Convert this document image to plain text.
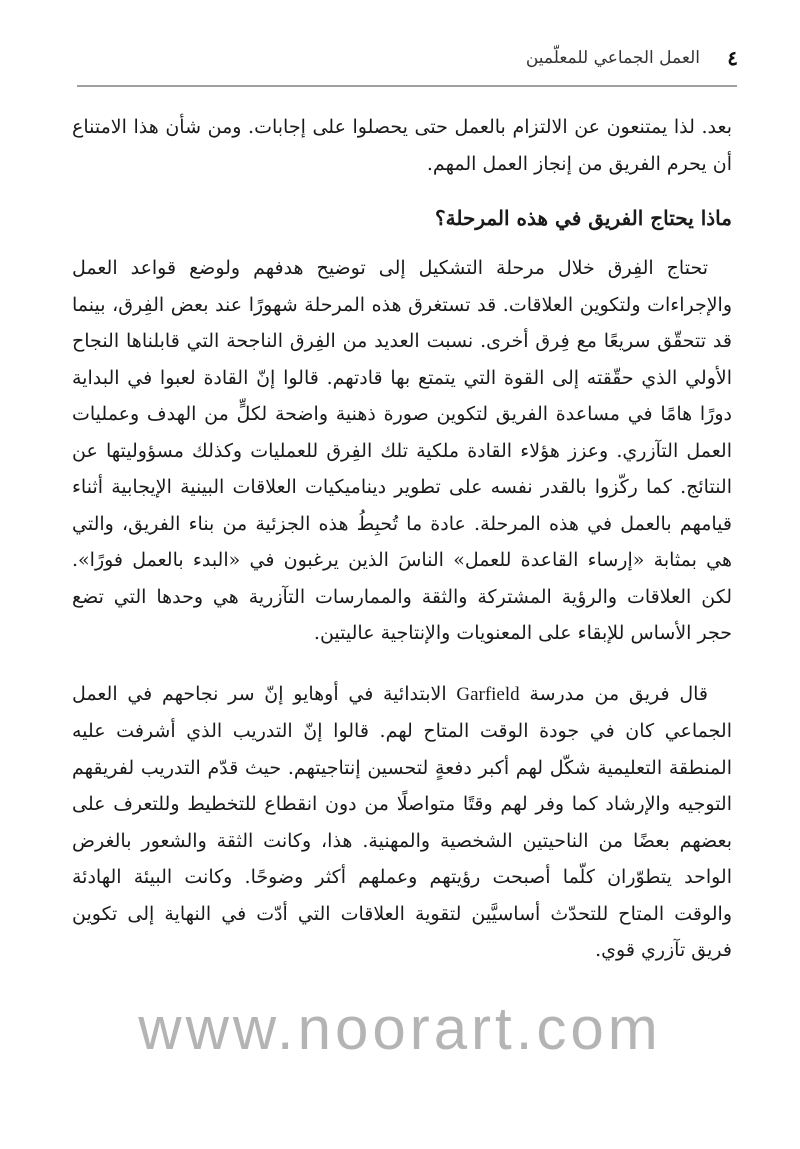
٤
العمل الجماعي للمعلّمين

بعد. لذا يمتنعون عن الالتزام بالعمل حتى يحصلوا على إجابات. ومن شأن هذا الامتناع أن يحرم الفريق من إنجاز العمل المهم.

ماذا يحتاج الفريق في هذه المرحلة؟

تحتاج الفِرق خلال مرحلة التشكيل إلى توضيح هدفهم ولوضع قواعد العمل والإجراءات ولتكوين العلاقات. قد تستغرق هذه المرحلة شهورًا عند بعض الفِرق، بينما قد تتحقّق سريعًا مع فِرق أخرى. نسبت العديد من الفِرق الناجحة التي قابلناها النجاح الأولي الذي حقّقته إلى القوة التي يتمتع بها قادتهم. قالوا إنّ القادة لعبوا في البداية دورًا هامًا في مساعدة الفريق لتكوين صورة ذهنية واضحة لكلٍّ من الهدف وعمليات العمل التآزري. وعزز هؤلاء القادة ملكية تلك الفِرق للعمليات وكذلك مسؤوليتها عن النتائج. كما ركّزوا بالقدر نفسه على تطوير ديناميكيات العلاقات البينية الإيجابية أثناء قيامهم بالعمل في هذه المرحلة. عادة ما تُحبِطُ هذه الجزئية من بناء الفريق، والتي هي بمثابة «إرساء القاعدة للعمل» الناسَ الذين يرغبون في «البدء بالعمل فورًا». لكن العلاقات والرؤية المشتركة والثقة والممارسات التآزرية هي وحدها التي تضع حجر الأساس للإبقاء على المعنويات والإنتاجية عاليتين.

قال فريق من مدرسة Garfield الابتدائية في أوهايو إنّ سر نجاحهم في العمل الجماعي كان في جودة الوقت المتاح لهم. قالوا إنّ التدريب الذي أشرفت عليه المنطقة التعليمية شكّل لهم أكبر دفعةٍ لتحسين إنتاجيتهم. حيث قدّم التدريب لفريقهم التوجيه والإرشاد كما وفر لهم وقتًا متواصلًا من دون انقطاع للتخطيط وللتعرف على بعضهم بعضًا من الناحيتين الشخصية والمهنية. هذا، وكانت الثقة والشعور بالغرض الواحد يتطوّران كلّما أصبحت رؤيتهم وعملهم أكثر وضوحًا. وكانت البيئة الهادئة والوقت المتاح للتحدّث أساسيَّين لتقوية العلاقات التي أدّت في النهاية إلى تكوين فريق تآزري قوي.

www.noorart.com
